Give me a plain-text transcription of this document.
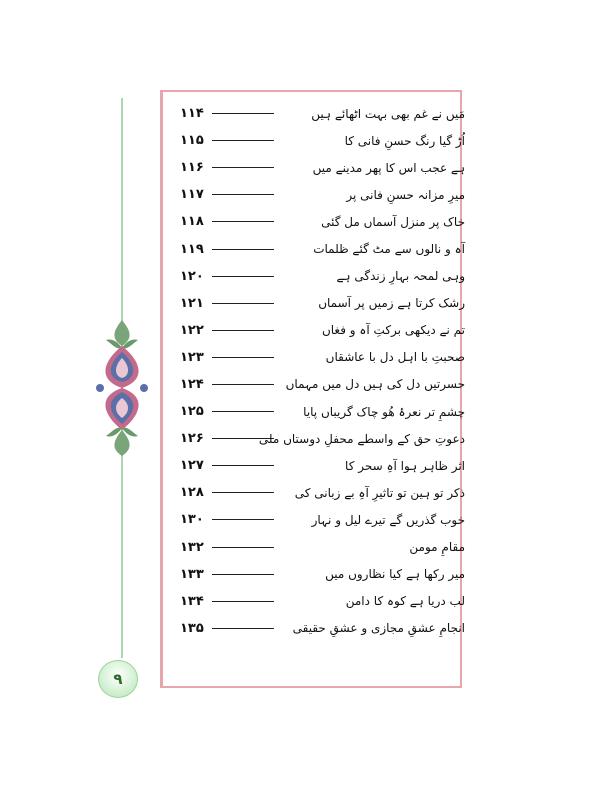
٩
۱۱۴	مَیں نے غم بھی بہت اٹھائے ہیں
۱۱۵	اُڑ گیا رنگ حسنِ فانی کا
۱۱۶	ہے عجب اس کا پھر مدینے میں
۱۱۷	میرِ مزانہ حسنِ فانی پر
۱۱۸	خاک پر منزل آسماں مل گئی
۱۱۹	آہ و نالوں سے مٹ گئے ظلمات
۱۲۰	وہی لمحہ بہارِ زندگی ہے
۱۲۱	رشک کرتا ہے زمیں پر آسماں
۱۲۲	تم نے دیکھی برکتِ آہ و فغاں
۱۲۳	صحبتِ با اہل دل با عاشقاں
۱۲۴	حسرتیں دل کی ہیں دل میں مہماں
۱۲۵	چشمِ تر نعرۂ ھُو چاک گریباں پایا
۱۲۶	دعوتِ حق کے واسطے محفلِ دوستاں ملی
۱۲۷	اثر ظاہر ہوا آہِ سحر کا
۱۲۸	ذکر تو ہین تو تاثیرِ آہِ بے زبانی کی
۱۳۰	خوب گذریں گے تیرے لیل و نہار
۱۳۲	مقامِ مومن
۱۳۳	میر رکھا ہے کیا نظاروں میں
۱۳۴	لب دریا ہے کوہ کا دامن
۱۳۵	انجامِ عشقِ مجازی و عشقِ حقیقی
